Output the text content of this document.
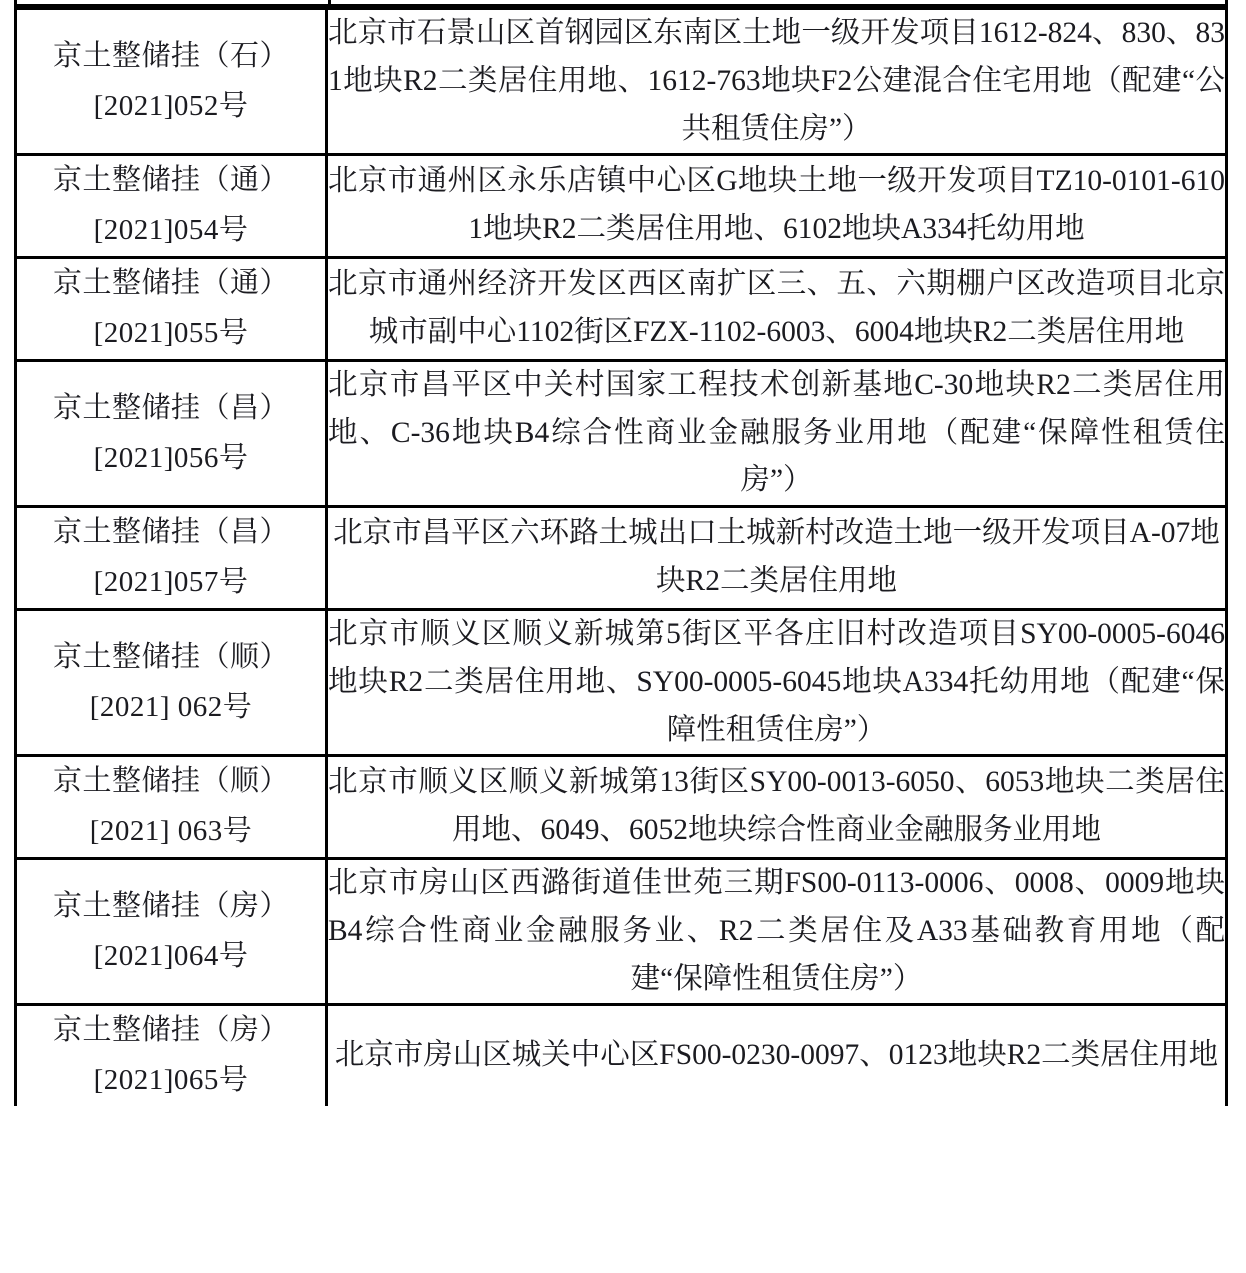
京土整储挂（石）
[2021]052号	北京市石景山区首钢园区东南区土地一级开发项目1612-824、830、831地块R2二类居住用地、1612-763地块F2公建混合住宅用地（配建“公共租赁住房”）

京土整储挂（通）
[2021]054号	北京市通州区永乐店镇中心区G地块土地一级开发项目TZ10-0101-6101地块R2二类居住用地、6102地块A334托幼用地

京土整储挂（通）
[2021]055号	北京市通州经济开发区西区南扩区三、五、六期棚户区改造项目北京城市副中心1102街区FZX-1102-6003、6004地块R2二类居住用地

京土整储挂（昌）
[2021]056号	北京市昌平区中关村国家工程技术创新基地C-30地块R2二类居住用地、C-36地块B4综合性商业金融服务业用地（配建“保障性租赁住房”）

京土整储挂（昌）
[2021]057号	北京市昌平区六环路土城出口土城新村改造土地一级开发项目A-07地块R2二类居住用地

京土整储挂（顺）
[2021] 062号	北京市顺义区顺义新城第5街区平各庄旧村改造项目SY00-0005-6046地块R2二类居住用地、SY00-0005-6045地块A334托幼用地（配建“保障性租赁住房”）

京土整储挂（顺）
[2021] 063号	北京市顺义区顺义新城第13街区SY00-0013-6050、6053地块二类居住用地、6049、6052地块综合性商业金融服务业用地

京土整储挂（房）
[2021]064号	北京市房山区西潞街道佳世苑三期FS00-0113-0006、0008、0009地块B4综合性商业金融服务业、R2二类居住及A33基础教育用地（配建“保障性租赁住房”）

京土整储挂（房）
[2021]065号	北京市房山区城关中心区FS00-0230-0097、0123地块R2二类居住用地
